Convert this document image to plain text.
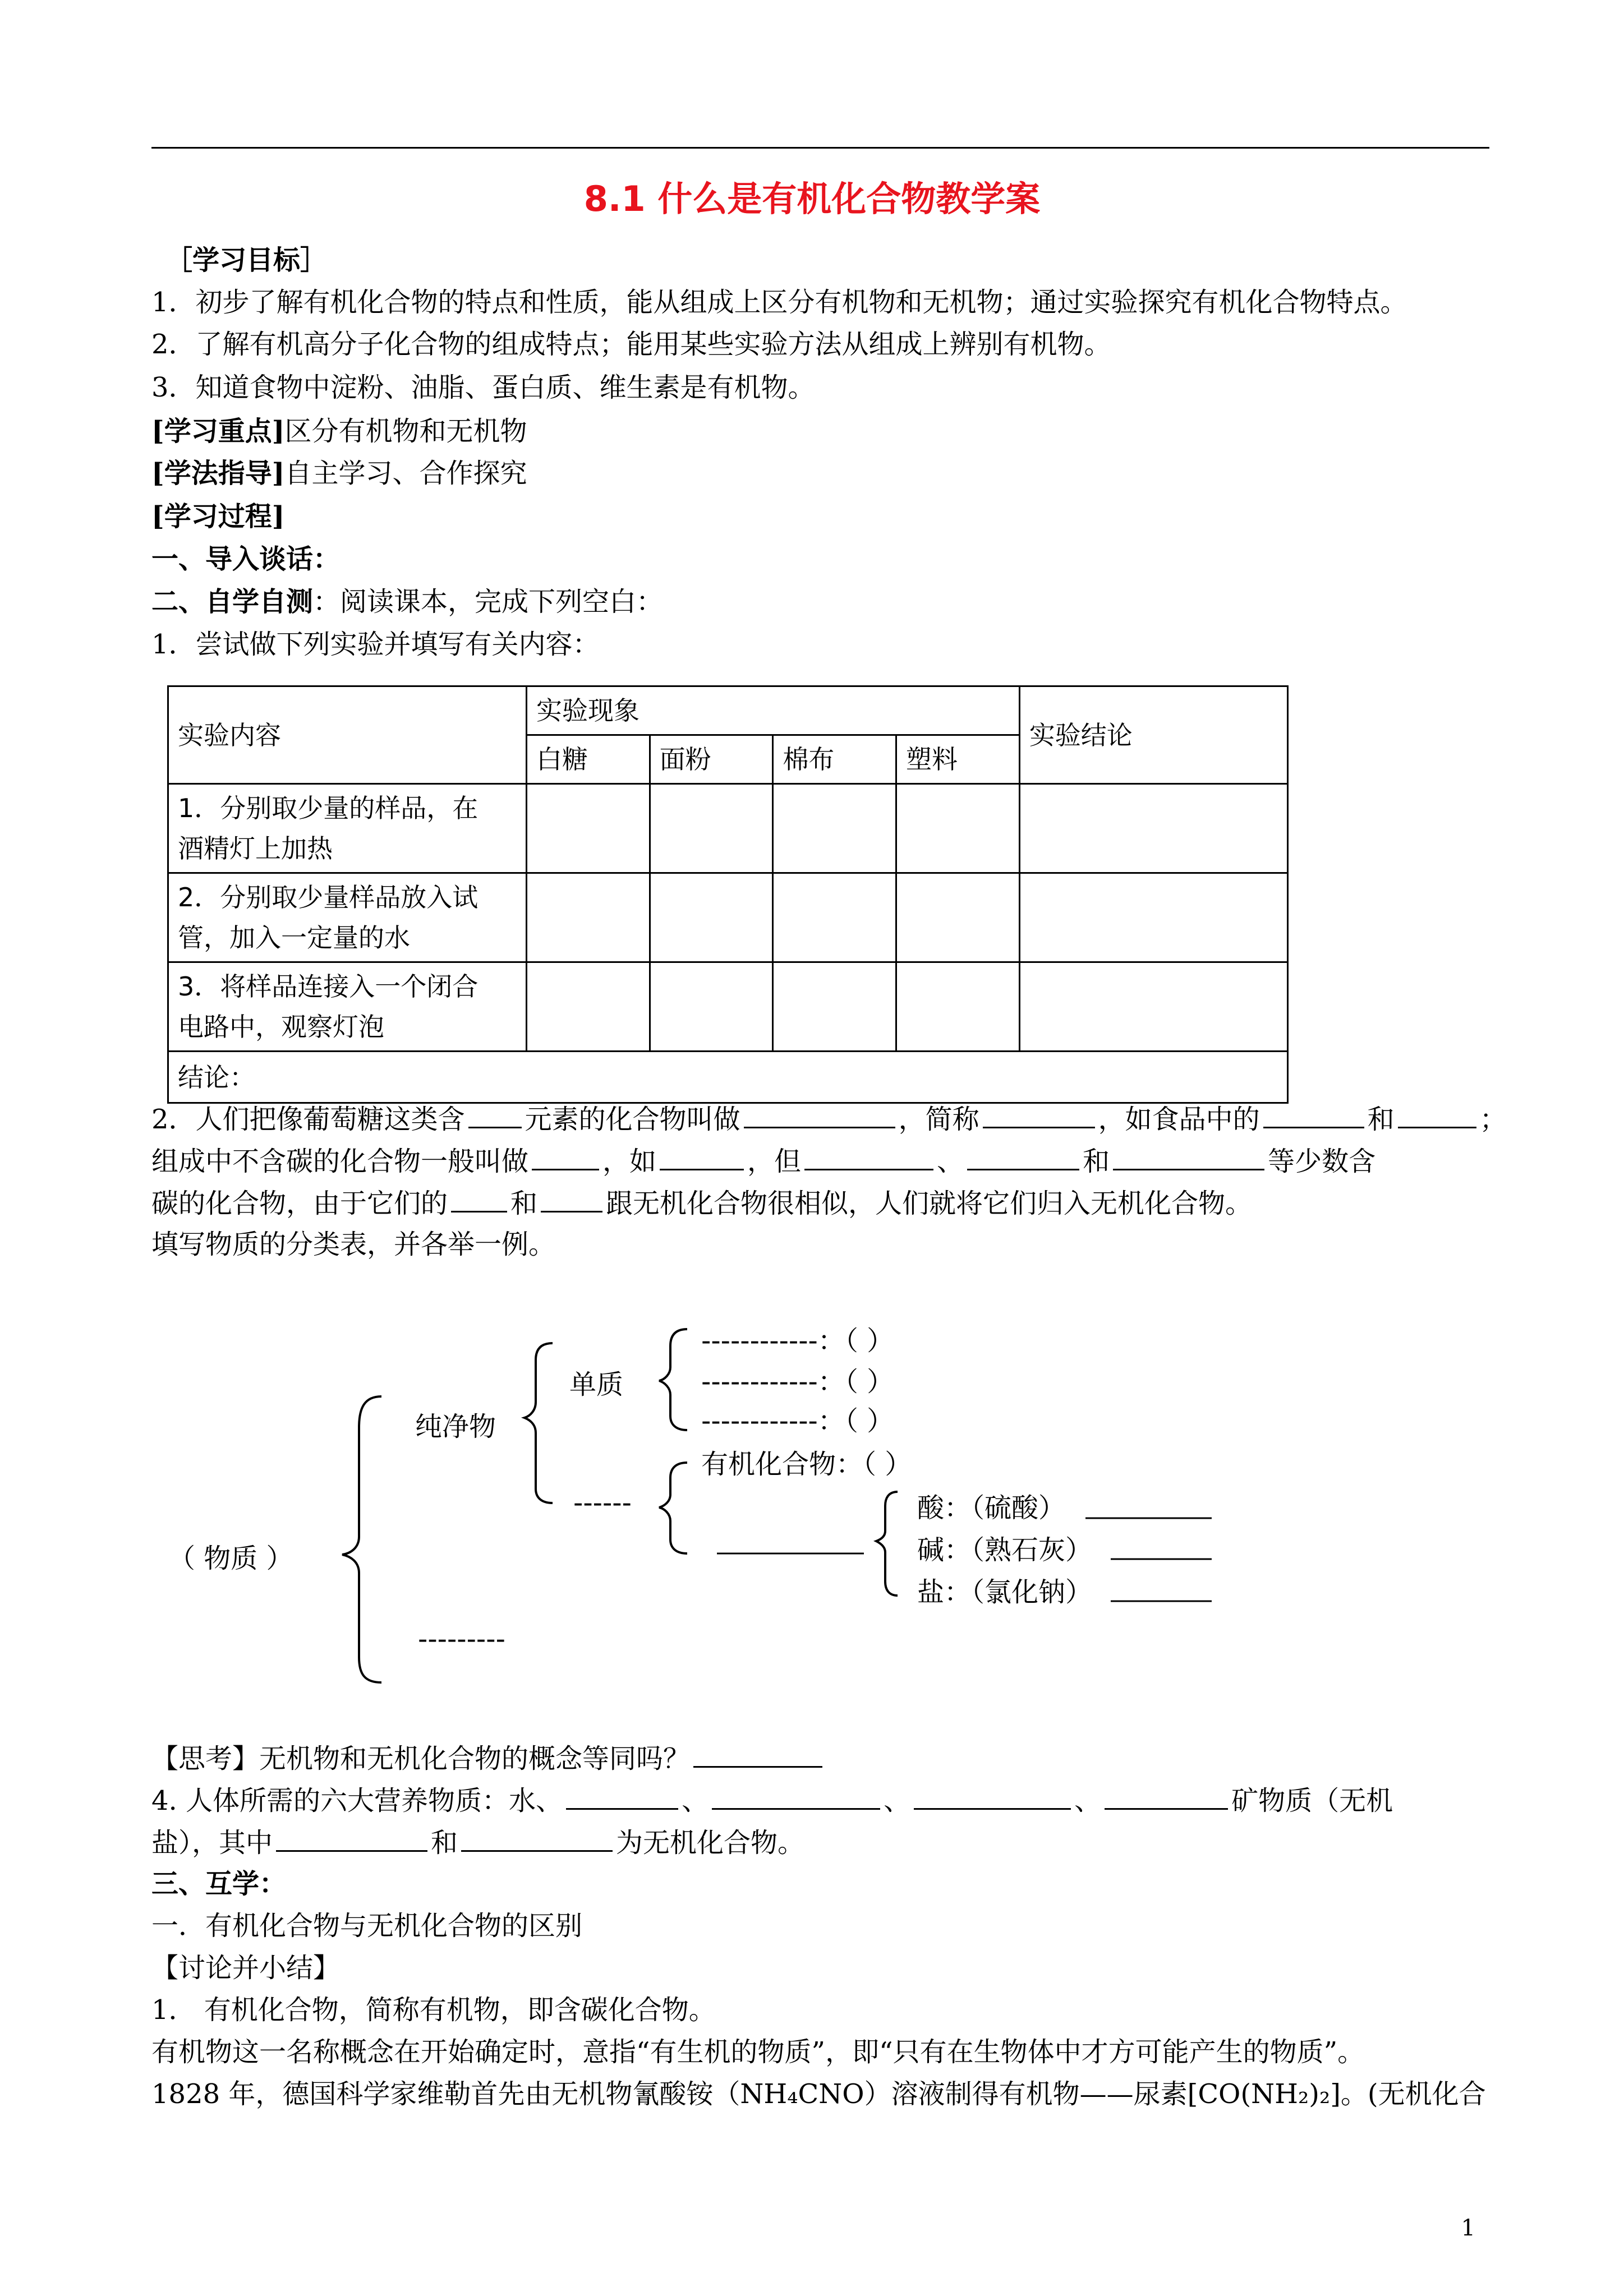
8.1 什么是有机化合物教学案
［学习目标］
1．初步了解有机化合物的特点和性质，能从组成上区分有机物和无机物；通过实验探究有机化合物特点。
2．了解有机高分子化合物的组成特点；能用某些实验方法从组成上辨别有机物。
3．知道食物中淀粉、油脂、蛋白质、维生素是有机物。
[学习重点]区分有机物和无机物
[学法指导]自主学习、合作探究
[学习过程]
一、导入谈话：
二、自学自测：阅读课本，完成下列空白：
1．尝试做下列实验并填写有关内容：
实验内容	实验现象				实验结论
	白糖	面粉	棉布	塑料	

1．分别取少量的样品，在
酒精灯上加热					

2．分别取少量样品放入试
管，加入一定量的水					

3．将样品连接入一个闭合
电路中，观察灯泡					

结论：					
2．人们把像葡萄糖这类含 元素的化合物叫做	，简称	，如食品中的	和	；
组成中不含碳的化合物一般叫做	，如	，但	、	和	等少数含
碳的化合物，由于它们的 和	跟无机化合物很相似，人们就将它们归入无机化合物。
填写物质的分类表，并各举一例。
（ 物质 ）
纯净物
单质
------------：（ ）
------------：（ ）
------------：（ ）
有机化合物：（ ）
------	酸：（硫酸）
碱：（熟石灰）
盐：（氯化钠）
---------
【思考】无机物和无机化合物的概念等同吗？
4. 人体所需的六大营养物质：水、	、	、	、	矿物质（无机
盐），其中	和	为无机化合物。
三、互学：
一．有机化合物与无机化合物的区别
【讨论并小结】
1． 有机化合物，简称有机物，即含碳化合物。
有机物这一名称概念在开始确定时，意指“有生机的物质”，即“只有在生物体中才方可能产生的物质”。
1828 年，德国科学家维勒首先由无机物氰酸铵（NH₄CNO）溶液制得有机物——尿素[CO(NH₂)₂]。(无机化合
1
